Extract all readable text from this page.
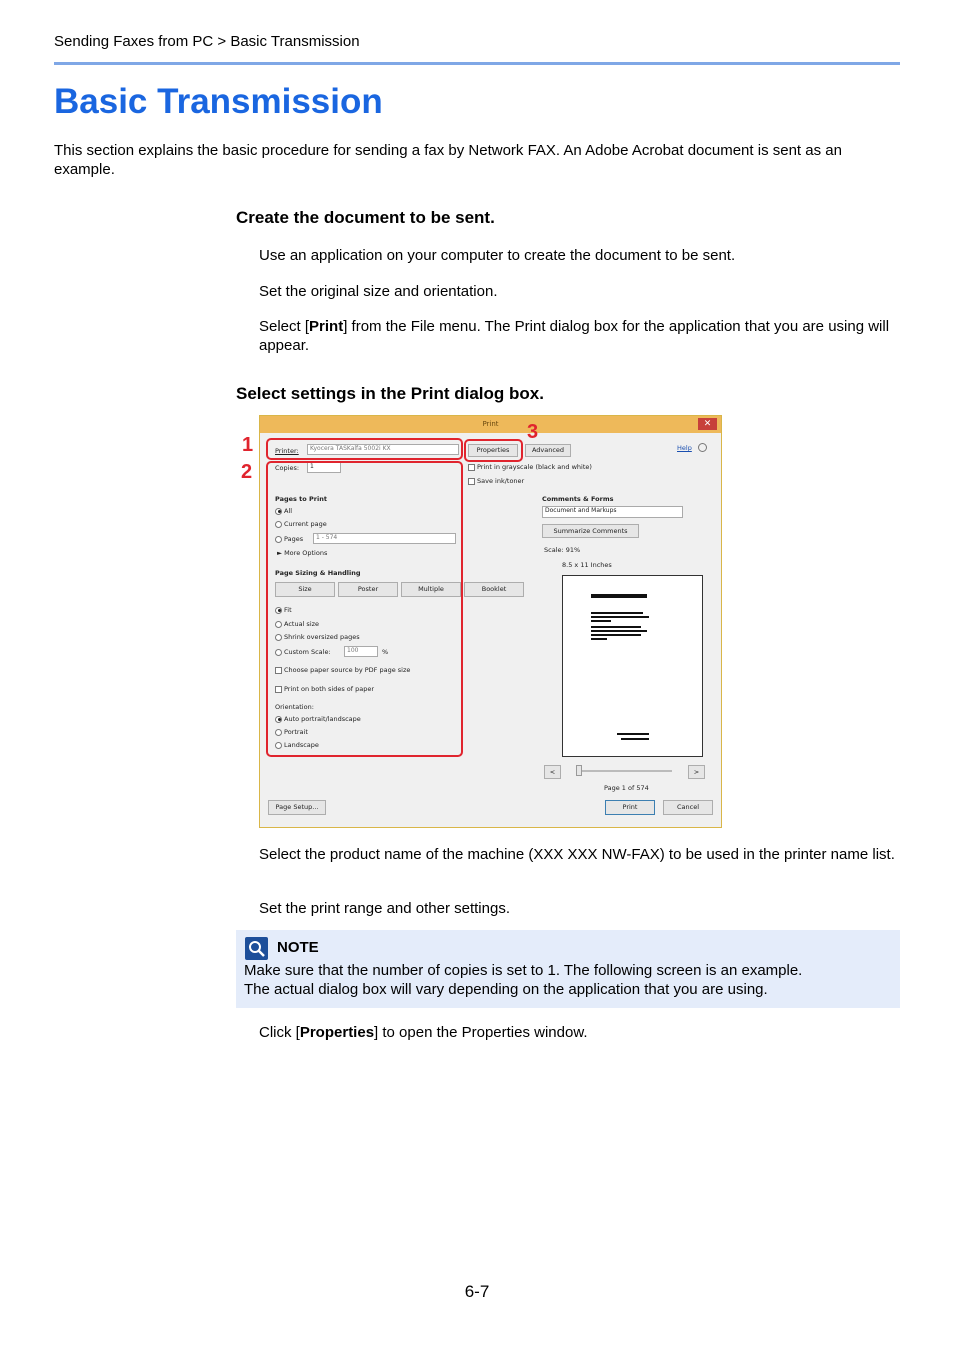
Sending Faxes from PC > Basic Transmission
Basic Transmission

This section explains the basic procedure for sending a fax by Network FAX. An Adobe Acrobat document is sent as an example.

Create the document to be sent.

Use an application on your computer to create the document to be sent.

Set the original size and orientation.

Select [Print] from the File menu. The Print dialog box for the application that you are using will appear.

Select settings in the Print dialog box.
Print	✕
Printer:	Kyocera TASKalfa 5002i KX
Copies:	1
Properties	Advanced	Help
Print in grayscale (black and white)
Save ink/toner
Pages to Print
All
Current page
Pages	1 - 574
► More Options
Page Sizing & Handling
Size	Poster	Multiple	Booklet
Fit
Actual size
Shrink oversized pages
Custom Scale:	100	%
Choose paper source by PDF page size
Print on both sides of paper
Orientation:
Auto portrait/landscape
Portrait
Landscape
Comments & Forms
Document and Markups
Summarize Comments
Scale: 91%
8.5 x 11 Inches
<	>
Page 1 of 574
Page Setup...	Print	Cancel
1
2
3

Select the product name of the machine (XXX XXX NW-FAX) to be used in the printer name list.

Set the print range and other settings.

NOTE
Make sure that the number of copies is set to 1. The following screen is an example.
The actual dialog box will vary depending on the application that you are using.

Click [Properties] to open the Properties window.

6-7
